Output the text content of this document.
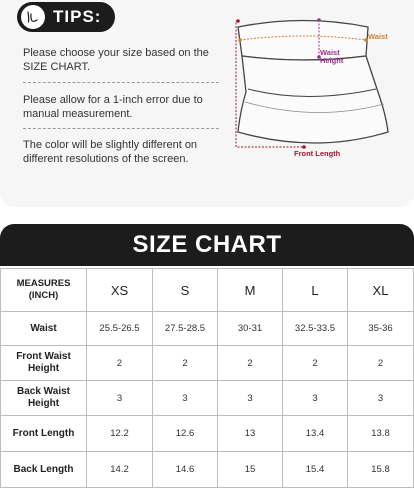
TIPS:

Please choose your size based on the SIZE CHART.

Please allow for a 1-inch error due to manual measurement.

The color will be slightly different on different resolutions of the screen.

Waist
Waist Height
Front Length
SIZE CHART
MEASURES (INCH)	XS	S	M	L	XL
Waist	25.5-26.5	27.5-28.5	30-31	32.5-33.5	35-36
Front Waist Height	2	2	2	2	2
Back Waist Height	3	3	3	3	3
Front Length	12.2	12.6	13	13.4	13.8
Back Length	14.2	14.6	15	15.4	15.8
